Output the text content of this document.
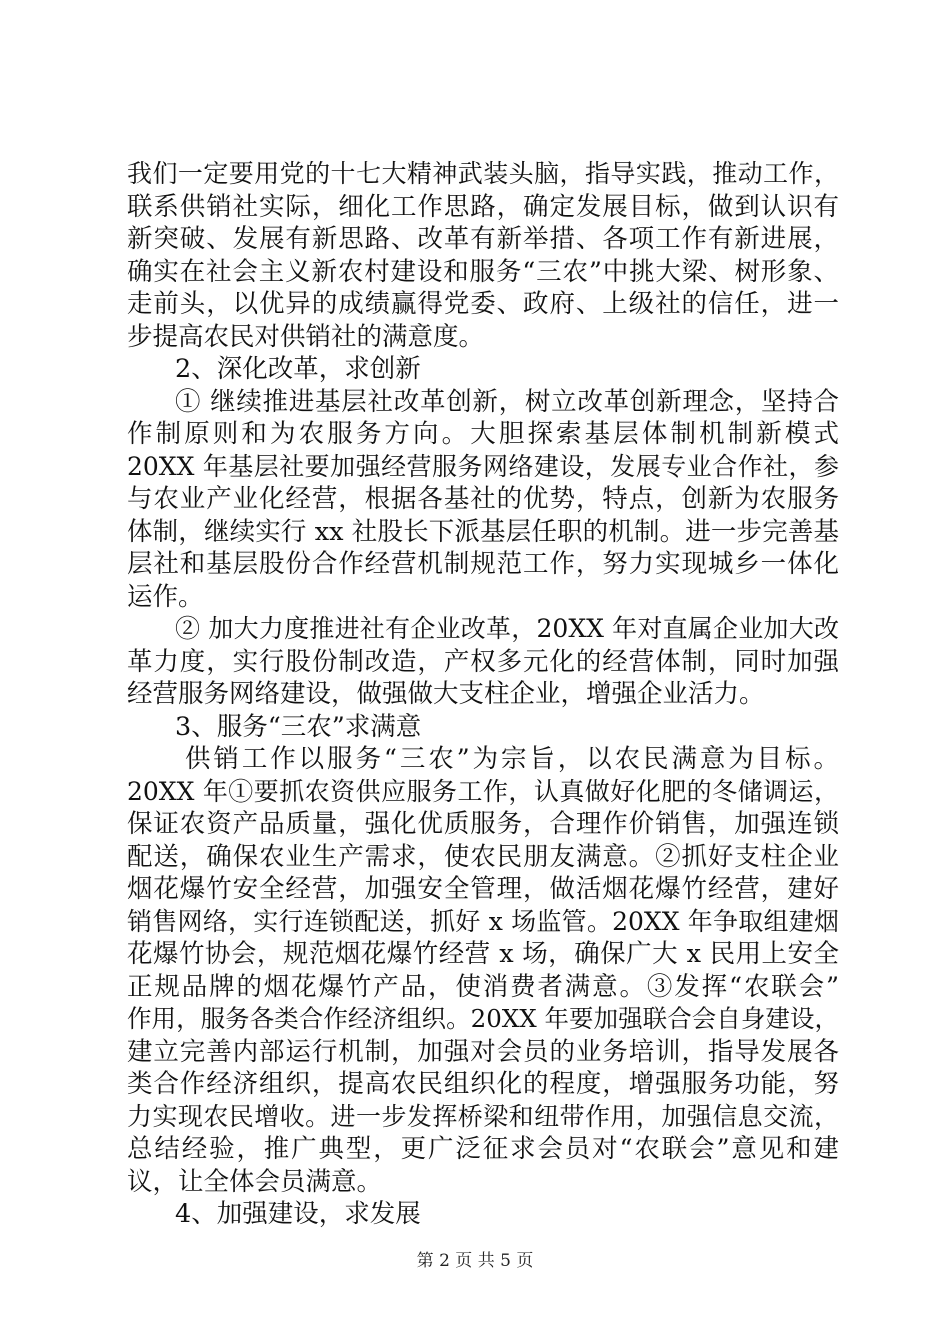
我们一定要用党的十七大精神武装头脑，指导实践，推动工作，
联系供销社实际，细化工作思路，确定发展目标，做到认识有
新突破、发展有新思路、改革有新举措、各项工作有新进展，
确实在社会主义新农村建设和服务“三农”中挑大梁、树形象、
走前头，以优异的成绩赢得党委、政府、上级社的信任，进一
步提高农民对供销社的满意度。
2、深化改革，求创新
① 继续推进基层社改革创新，树立改革创新理念，坚持合
作制原则和为农服务方向。大胆探索基层体制机制新模式
20XX 年基层社要加强经营服务网络建设，发展专业合作社，参
与农业产业化经营，根据各基社的优势，特点，创新为农服务
体制，继续实行 xx 社股长下派基层任职的机制。进一步完善基
层社和基层股份合作经营机制规范工作，努力实现城乡一体化
运作。
② 加大力度推进社有企业改革，20XX 年对直属企业加大改
革力度，实行股份制改造，产权多元化的经营体制，同时加强
经营服务网络建设，做强做大支柱企业，增强企业活力。
3、服务“三农”求满意
供销工作以服务“三农”为宗旨，以农民满意为目标。
20XX 年①要抓农资供应服务工作，认真做好化肥的冬储调运，
保证农资产品质量，强化优质服务，合理作价销售，加强连锁
配送，确保农业生产需求，使农民朋友满意。②抓好支柱企业
烟花爆竹安全经营，加强安全管理，做活烟花爆竹经营，建好
销售网络，实行连锁配送，抓好 x 场监管。20XX 年争取组建烟
花爆竹协会，规范烟花爆竹经营 x 场，确保广大 x 民用上安全
正规品牌的烟花爆竹产品，使消费者满意。③发挥“农联会”
作用，服务各类合作经济组织。20XX 年要加强联合会自身建设，
建立完善内部运行机制，加强对会员的业务培训，指导发展各
类合作经济组织，提高农民组织化的程度，增强服务功能，努
力实现农民增收。进一步发挥桥梁和纽带作用，加强信息交流，
总结经验，推广典型，更广泛征求会员对“农联会”意见和建
议，让全体会员满意。
4、加强建设，求发展
第 2 页 共 5 页
